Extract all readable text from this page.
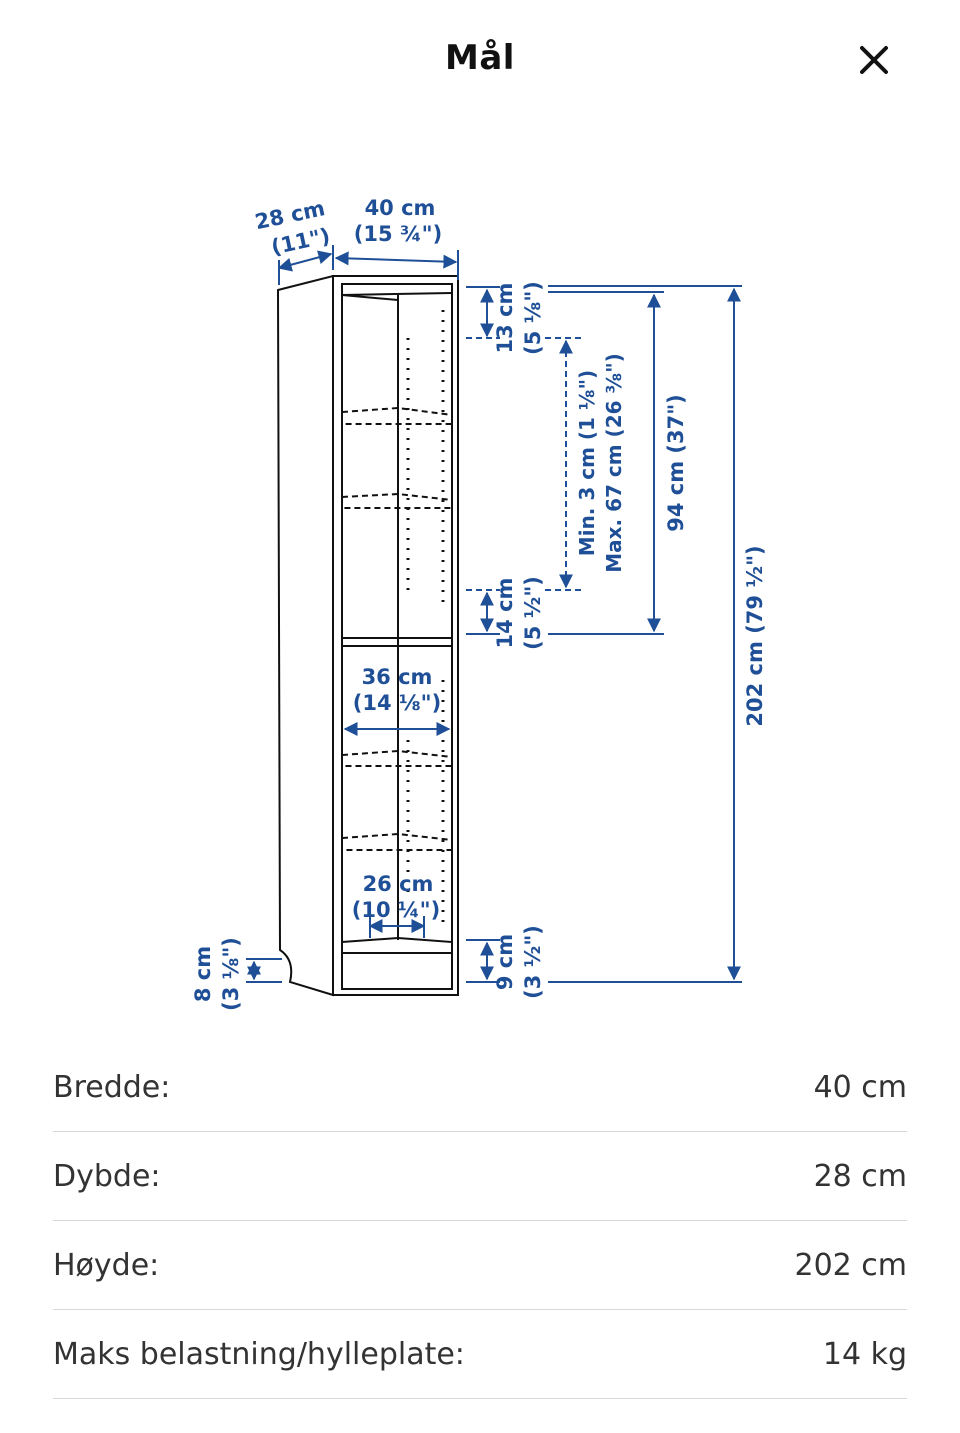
Mål
28 cm
(11")
40 cm
(15 ¾")
13 cm (5 ⅛")
Min. 3 cm (1 ⅛") Max. 67 cm (26 ⅜") 94 cm (37")
202 cm (79 ½")
14 cm (5 ½")
36 cm
(14 ⅛")
26 cm
(10 ¼")
8 cm (3 ⅛")	9 cm (3 ½")
Bredde:	40 cm
Dybde:	28 cm
Høyde:	202 cm
Maks belastning/hylleplate:	14 kg
